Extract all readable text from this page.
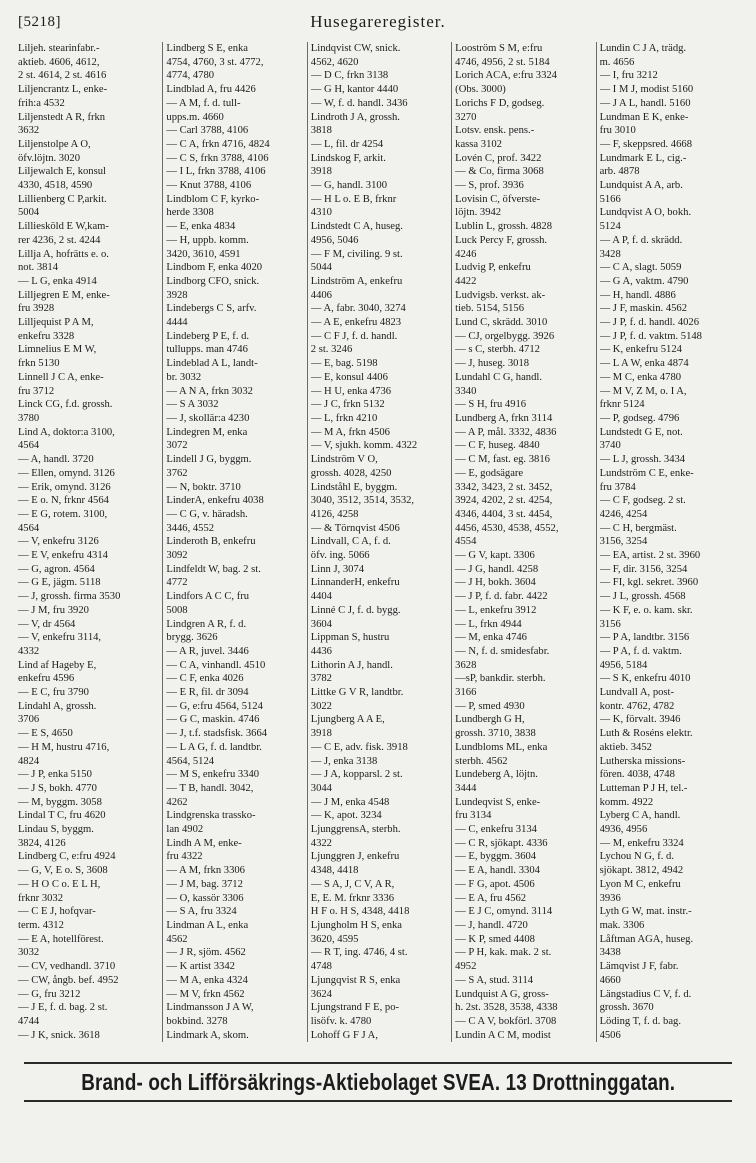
[5218]	Husegareregister.
Liljeh. stearinfabr.-
aktieb. 4606, 4612,
2 st. 4614, 2 st. 4616
Liljencrantz L, enke-
frih:a 4532
Liljenstedt A R, frkn
3632
Liljenstolpe A O,
öfv.löjtn. 3020
Liljewalch E, konsul
4330, 4518, 4590
Lillienberg C P,arkit.
5004
Lilliesköld E W,kam-
rer 4236, 2 st. 4244
Lillja A, hofrätts e. o.
not. 3814
— L G, enka 4914
Lilljegren E M, enke-
fru 3928
Lilljequist P A M,
enkefru 3328
Limnelius E M W,
frkn 5130
Linnell J C A, enke-
fru 3712
Linck CG, f.d. grossh.
3780
Lind A, doktor:a 3100,
4564
— A, handl. 3720
— Ellen, omynd. 3126
— Erik, omynd. 3126
— E o. N, frknr 4564
— E G, rotem. 3100,
4564
— V, enkefru 3126
— E V, enkefru 4314
— G, agron. 4564
— G E, jägm. 5118
— J, grossh. firma 3530
— J M, fru 3920
— V, dr 4564
— V, enkefru 3114,
4332
Lind af Hageby E,
enkefru 4596
— E C, fru 3790
Lindahl A, grossh.
3706
— E S, 4650
— H M, hustru 4716,
4824
— J P, enka 5150
— J S, bokh. 4770
— M, byggm. 3058
Lindal T C, fru 4620
Lindau S, byggm.
3824, 4126
Lindberg C, e:fru 4924
— G, V, E o. S, 3608
— H O C o. E L H,
frknr 3032
— C E J, hofqvar-
term. 4312
— E A, hotellförest.
3032
— CV, vedhandl. 3710
— CW, ångb. bef. 4952
— G, fru 3212
— J E, f. d. bag. 2 st.
4744
— J K, snick. 3618
Lindberg S E, enka
4754, 4760, 3 st. 4772,
4774, 4780
Lindblad A, fru 4426
— A M, f. d. tull-
upps.m. 4660
— Carl 3788, 4106
— C A, frkn 4716, 4824
— C S, frkn 3788, 4106
— I L, frkn 3788, 4106
— Knut 3788, 4106
Lindblom C F, kyrko-
herde 3308
— E, enka 4834
— H, uppb. komm.
3420, 3610, 4591
Lindbom F, enka 4020
Lindborg CFO, snick.
3928
Lindebergs C S, arfv.
4444
Lindeberg P E, f. d.
tullupps. man 4746
Lindeblad A L, landt-
br. 3032
— A N A, frkn 3032
— S A 3032
— J, skollär:a 4230
Lindegren M, enka
3072
Lindell J G, byggm.
3762
— N, boktr. 3710
LinderA, enkefru 4038
— C G, v. häradsh.
3446, 4552
Linderoth B, enkefru
3092
Lindfeldt W, bag. 2 st.
4772
Lindfors A C C, fru
5008
Lindgren A R, f. d.
brygg. 3626
— A R, juvel. 3446
— C A, vinhandl. 4510
— C F, enka 4026
— E R, fil. dr 3094
— G, e:fru 4564, 5124
— G C, maskin. 4746
— J, t.f. stadsfisk. 3664
— L A G, f. d. landtbr.
4564, 5124
— M S, enkefru 3340
— T B, handl. 3042,
4262
Lindgrenska trassko-
lan 4902
Lindh A M, enke-
fru 4322
— A M, frkn 3306
— J M, bag. 3712
— O, kassör 3306
— S A, fru 3324
Lindman A L, enka
4562
— J R, sjöm. 4562
— K artist 3342
— M A, enka 4324
— M V, frkn 4562
Lindmansson J A W,
bokbind. 3278
Lindmark A, skom.
Lindqvist CW, snick.
4562, 4620
— D C, frkn 3138
— G H, kantor 4440
— W, f. d. handl. 3436
Lindroth J A, grossh.
3818
— L, fil. dr 4254
Lindskog F, arkit.
3918
— G, handl. 3100
— H L o. E B, frknr
4310
Lindstedt C A, huseg.
4956, 5046
— F M, civiling. 9 st.
5044
Lindström A, enkefru
4406
— A, fabr. 3040, 3274
— A E, enkefru 4823
— C F J, f. d. handl.
2 st. 3246
— E, bag. 5198
— E, konsul 4406
— H U, enka 4736
— J C, frkn 5132
— L, frkn 4210
— M A, frkn 4506
— V, sjukh. komm. 4322
Lindström V O,
grossh. 4028, 4250
Lindståhl E, byggm.
3040, 3512, 3514, 3532,
4126, 4258
— & Törnqvist 4506
Lindvall, C A, f. d.
öfv. ing. 5066
Linn J, 3074
LinnanderH, enkefru
4404
Linné C J, f. d. bygg.
3604
Lippman S, hustru
4436
Lithorin A J, handl.
3782
Littke G V R, landtbr.
3022
Ljungberg A A E,
3918
— C E, adv. fisk. 3918
— J, enka 3138
— J A, kopparsl. 2 st.
3044
— J M, enka 4548
— K, apot. 3234
LjunggrensA, sterbh.
4322
Ljunggren J, enkefru
4348, 4418
— S A, J, C V, A R,
E, E. M. frknr 3336
H F o. H S, 4348, 4418
Ljungholm H S, enka
3620, 4595
— R T, ing. 4746, 4 st.
4748
Ljungqvist R S, enka
3624
Ljungstrand F E, po-
lisöfv. k. 4780
Lohoff G F J A,
Looström S M, e:fru
4746, 4956, 2 st. 5184
Lorich ACA, e:fru 3324
(Obs. 3000)
Lorichs F D, godseg.
3270
Lotsv. ensk. pens.-
kassa 3102
Lovén C, prof. 3422
— & Co, firma 3068
— S, prof. 3936
Lovisin C, öfverste-
löjtn. 3942
Lublin L, grossh. 4828
Luck Percy F, grossh.
4246
Ludvig P, enkefru
4422
Ludvigsb. verkst. ak-
tieb. 5154, 5156
Lund C, skrädd. 3010
— CJ, orgelbygg. 3926
— s C, sterbh. 4712
— J, huseg. 3018
Lundahl C G, handl.
3340
— S H, fru 4916
Lundberg A, frkn 3114
— A P, mål. 3332, 4836
— C F, huseg. 4840
— C M, fast. eg. 3816
— E, godsägare
3342, 3423, 2 st. 3452,
3924, 4202, 2 st. 4254,
4346, 4404, 3 st. 4454,
4456, 4530, 4538, 4552,
4554
— G V, kapt. 3306
— J G, handl. 4258
— J H, bokh. 3604
— J P, f. d. fabr. 4422
— L, enkefru 3912
— L, frkn 4944
— M, enka 4746
— N, f. d. smidesfabr.
3628
—sP, bankdir. sterbh.
3166
— P, smed 4930
Lundbergh G H,
grossh. 3710, 3838
Lundbloms ML, enka
sterbh. 4562
Lundeberg A, löjtn.
3444
Lundeqvist S, enke-
fru 3134
— C, enkefru 3134
— C R, sjökapt. 4336
— E, byggm. 3604
— E A, handl. 3304
— F G, apot. 4506
— E A, fru 4562
— E J C, omynd. 3114
— J, handl. 4720
— K P, smed 4408
— P H, kak. mak. 2 st.
4952
— S A, stud. 3114
Lundquist A G, gross-
h. 2st. 3528, 3538, 4338
— C A V, bokförl. 3708
Lundin A C M, modist
Lundin C J A, trädg.
m. 4656
— I, fru 3212
— I M J, modist 5160
— J A L, handl. 5160
Lundman E K, enke-
fru 3010
— F, skeppsred. 4668
Lundmark E L, cig.-
arb. 4878
Lundquist A A, arb.
5166
Lundqvist A O, bokh.
5124
— A P, f. d. skrädd.
3428
— C A, slagt. 5059
— G A, vaktm. 4790
— H, handl. 4886
— J F, maskin. 4562
— J P, f. d. handl. 4026
— J P, f. d. vaktm. 5148
— K, enkefru 5124
— L A W, enka 4874
— M C, enka 4780
— M V, Z M, o. I A,
frknr 5124
— P, godseg. 4796
Lundstedt G E, not.
3740
— L J, grossh. 3434
Lundström C E, enke-
fru 3784
— C F, godseg. 2 st.
4246, 4254
— C H, bergmäst.
3156, 3254
— EA, artist. 2 st. 3960
— F, dir. 3156, 3254
— FI, kgl. sekret. 3960
— J L, grossh. 4568
— K F, e. o. kam. skr.
3156
— P A, landtbr. 3156
— P A, f. d. vaktm.
4956, 5184
— S K, enkefru 4010
Lundvall A, post-
kontr. 4762, 4782
— K, förvalt. 3946
Luth & Roséns elektr.
aktieb. 3452
Lutherska missions-
fören. 4038, 4748
Lutteman P J H, tel.-
komm. 4922
Lyberg C A, handl.
4936, 4956
— M, enkefru 3324
Lychou N G, f. d.
sjökapt. 3812, 4942
Lyon M C, enkefru
3936
Lyth G W, mat. instr.-
mak. 3306
Låftman AGA, huseg.
3438
Lämqvist J F, fabr.
4660
Längstadius C V, f. d.
grossh. 3670
Löding T, f. d. bag.
4506
Brand- och Lifförsäkrings-Aktiebolaget SVEA. 13 Drottninggatan.
